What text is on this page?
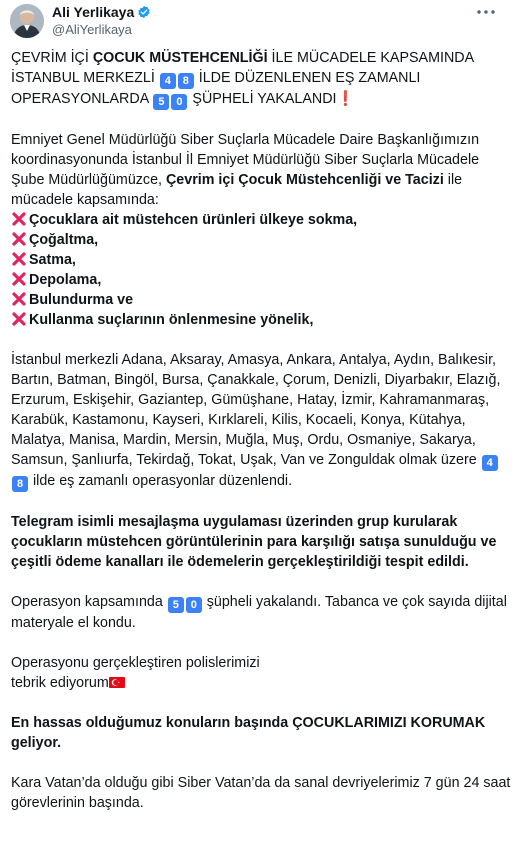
Ali Yerlikaya
@AliYerlikaya

ÇEVRİM İÇİ ÇOCUK MÜSTEHCENLİĞİ İLE MÜCADELE KAPSAMINDA İSTANBUL MERKEZLİ 4 8 İLDE DÜZENLENEN EŞ ZAMANLI OPERASYONLARDA 5 0 ŞÜPHELİ YAKALANDI❗

Emniyet Genel Müdürlüğü Siber Suçlarla Mücadele Daire Başkanlığımızın koordinasyonunda İstanbul İl Emniyet Müdürlüğü Siber Suçlarla Mücadele Şube Müdürlüğümüzce, Çevrim içi Çocuk Müstehcenliği ve Tacizi ile mücadele kapsamında:

Çocuklara ait müstehcen ürünleri ülkeye sokma,
Çoğaltma,
Satma,
Depolama,
Bulundurma ve
Kullanma suçlarının önlenmesine yönelik,

İstanbul merkezli Adana, Aksaray, Amasya, Ankara, Antalya, Aydın, Balıkesir, Bartın, Batman, Bingöl, Bursa, Çanakkale, Çorum, Denizli, Diyarbakır, Elazığ, Erzurum, Eskişehir, Gaziantep, Gümüşhane, Hatay, İzmir, Kahramanmaraş, Karabük, Kastamonu, Kayseri, Kırklareli, Kilis, Kocaeli, Konya, Kütahya, Malatya, Manisa, Mardin, Mersin, Muğla, Muş, Ordu, Osmaniye, Sakarya, Samsun, Şanlıurfa, Tekirdağ, Tokat, Uşak, Van ve Zonguldak olmak üzere 48 ilde eş zamanlı operasyonlar düzenlendi.

Telegram isimli mesajlaşma uygulaması üzerinden grup kurularak çocukların müstehcen görüntülerinin para karşılığı satışa sunulduğu ve çeşitli ödeme kanalları ile ödemelerin gerçekleştirildiği tespit edildi.

Operasyon kapsamında 5 0 şüpheli yakalandı. Tabanca ve çok sayıda dijital materyale el kondu.

Operasyonu gerçekleştiren polislerimizi
tebrik ediyorum

En hassas olduğumuz konuların başında ÇOCUKLARIMIZI KORUMAK geliyor.

Kara Vatan’da olduğu gibi Siber Vatan’da da sanal devriyelerimiz 7 gün 24 saat görevlerinin başında.
